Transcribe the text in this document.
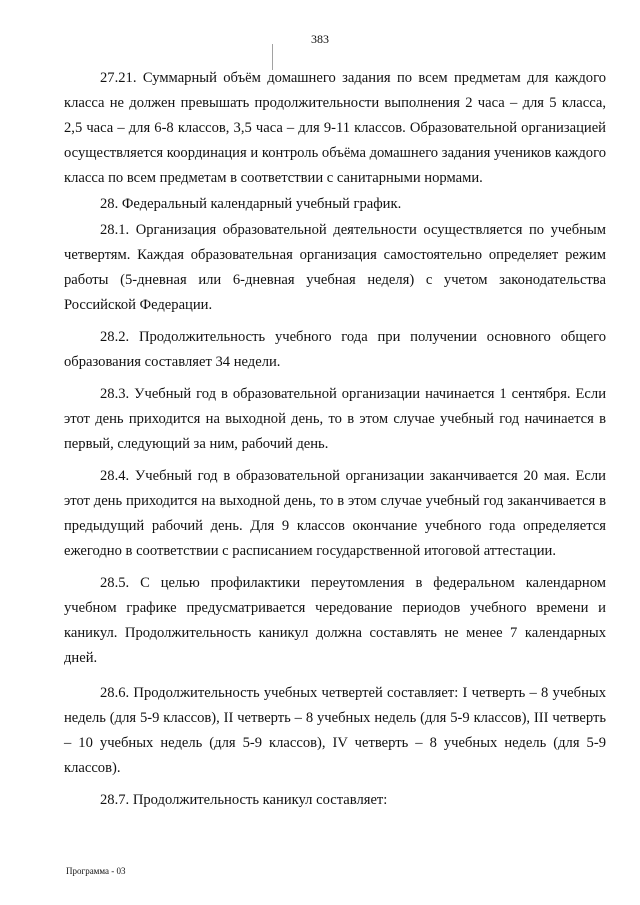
383

27.21. Суммарный объём домашнего задания по всем предметам для каждого класса не должен превышать продолжительности выполнения 2 часа – для 5 класса, 2,5 часа – для 6-8 классов, 3,5 часа – для 9-11 классов. Образовательной организацией осуществляется координация и контроль объёма домашнего задания учеников каждого класса по всем предметам в соответствии с санитарными нормами.

28. Федеральный календарный учебный график.

28.1. Организация образовательной деятельности осуществляется по учебным четвертям. Каждая образовательная организация самостоятельно определяет режим работы (5-дневная или 6-дневная учебная неделя) с учетом законодательства Российской Федерации.

28.2. Продолжительность учебного года при получении основного общего образования составляет 34 недели.

28.3. Учебный год в образовательной организации начинается 1 сентября. Если этот день приходится на выходной день, то в этом случае учебный год начинается в первый, следующий за ним, рабочий день.

28.4. Учебный год в образовательной организации заканчивается 20 мая. Если этот день приходится на выходной день, то в этом случае учебный год заканчивается в предыдущий рабочий день. Для 9 классов окончание учебного года определяется ежегодно в соответствии с расписанием государственной итоговой аттестации.

28.5. С целью профилактики переутомления в федеральном календарном учебном графике предусматривается чередование периодов учебного времени и каникул. Продолжительность каникул должна составлять не менее 7 календарных дней.

28.6. Продолжительность учебных четвертей составляет: I четверть – 8 учебных недель (для 5-9 классов), II четверть – 8 учебных недель (для 5-9 классов), III четверть – 10 учебных недель (для 5-9 классов), IV четверть – 8 учебных недель (для 5-9 классов).

28.7. Продолжительность каникул составляет:

Программа - 03
